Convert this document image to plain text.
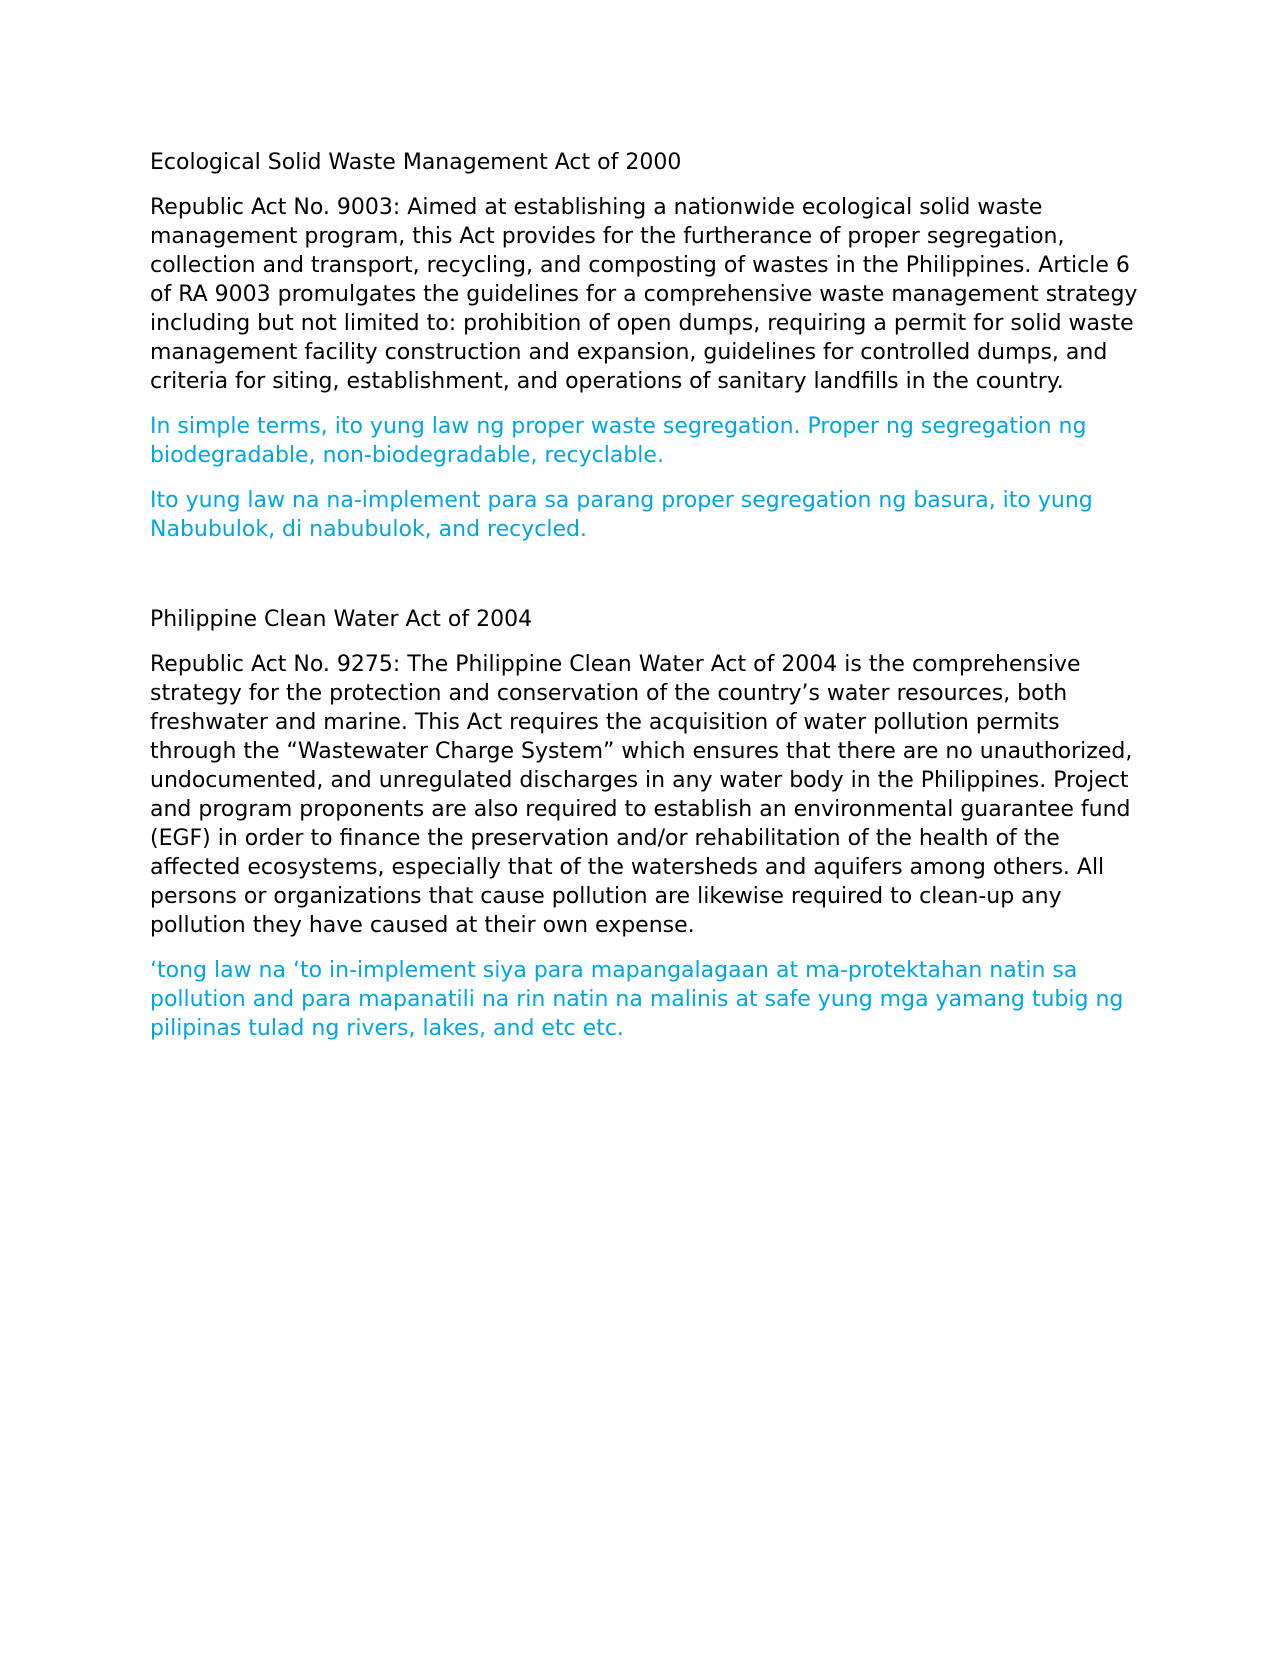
Ecological Solid Waste Management Act of 2000

Republic Act No. 9003: Aimed at establishing a nationwide ecological solid waste management program, this Act provides for the furtherance of proper segregation, collection and transport, recycling, and composting of wastes in the Philippines. Article 6 of RA 9003 promulgates the guidelines for a comprehensive waste management strategy including but not limited to: prohibition of open dumps, requiring a permit for solid waste management facility construction and expansion, guidelines for controlled dumps, and criteria for siting, establishment, and operations of sanitary landfills in the country.

In simple terms, ito yung law ng proper waste segregation. Proper ng segregation ng biodegradable, non-biodegradable, recyclable.

Ito yung law na na-implement para sa parang proper segregation ng basura, ito yung Nabubulok, di nabubulok, and recycled.

Philippine Clean Water Act of 2004

Republic Act No. 9275: The Philippine Clean Water Act of 2004 is the comprehensive strategy for the protection and conservation of the country’s water resources, both freshwater and marine. This Act requires the acquisition of water pollution permits through the “Wastewater Charge System” which ensures that there are no unauthorized, undocumented, and unregulated discharges in any water body in the Philippines. Project and program proponents are also required to establish an environmental guarantee fund (EGF) in order to finance the preservation and/or rehabilitation of the health of the affected ecosystems, especially that of the watersheds and aquifers among others. All persons or organizations that cause pollution are likewise required to clean-up any pollution they have caused at their own expense.

‘tong law na ‘to in-implement siya para mapangalagaan at ma-protektahan natin sa pollution and para mapanatili na rin natin na malinis at safe yung mga yamang tubig ng pilipinas tulad ng rivers, lakes, and etc etc.
